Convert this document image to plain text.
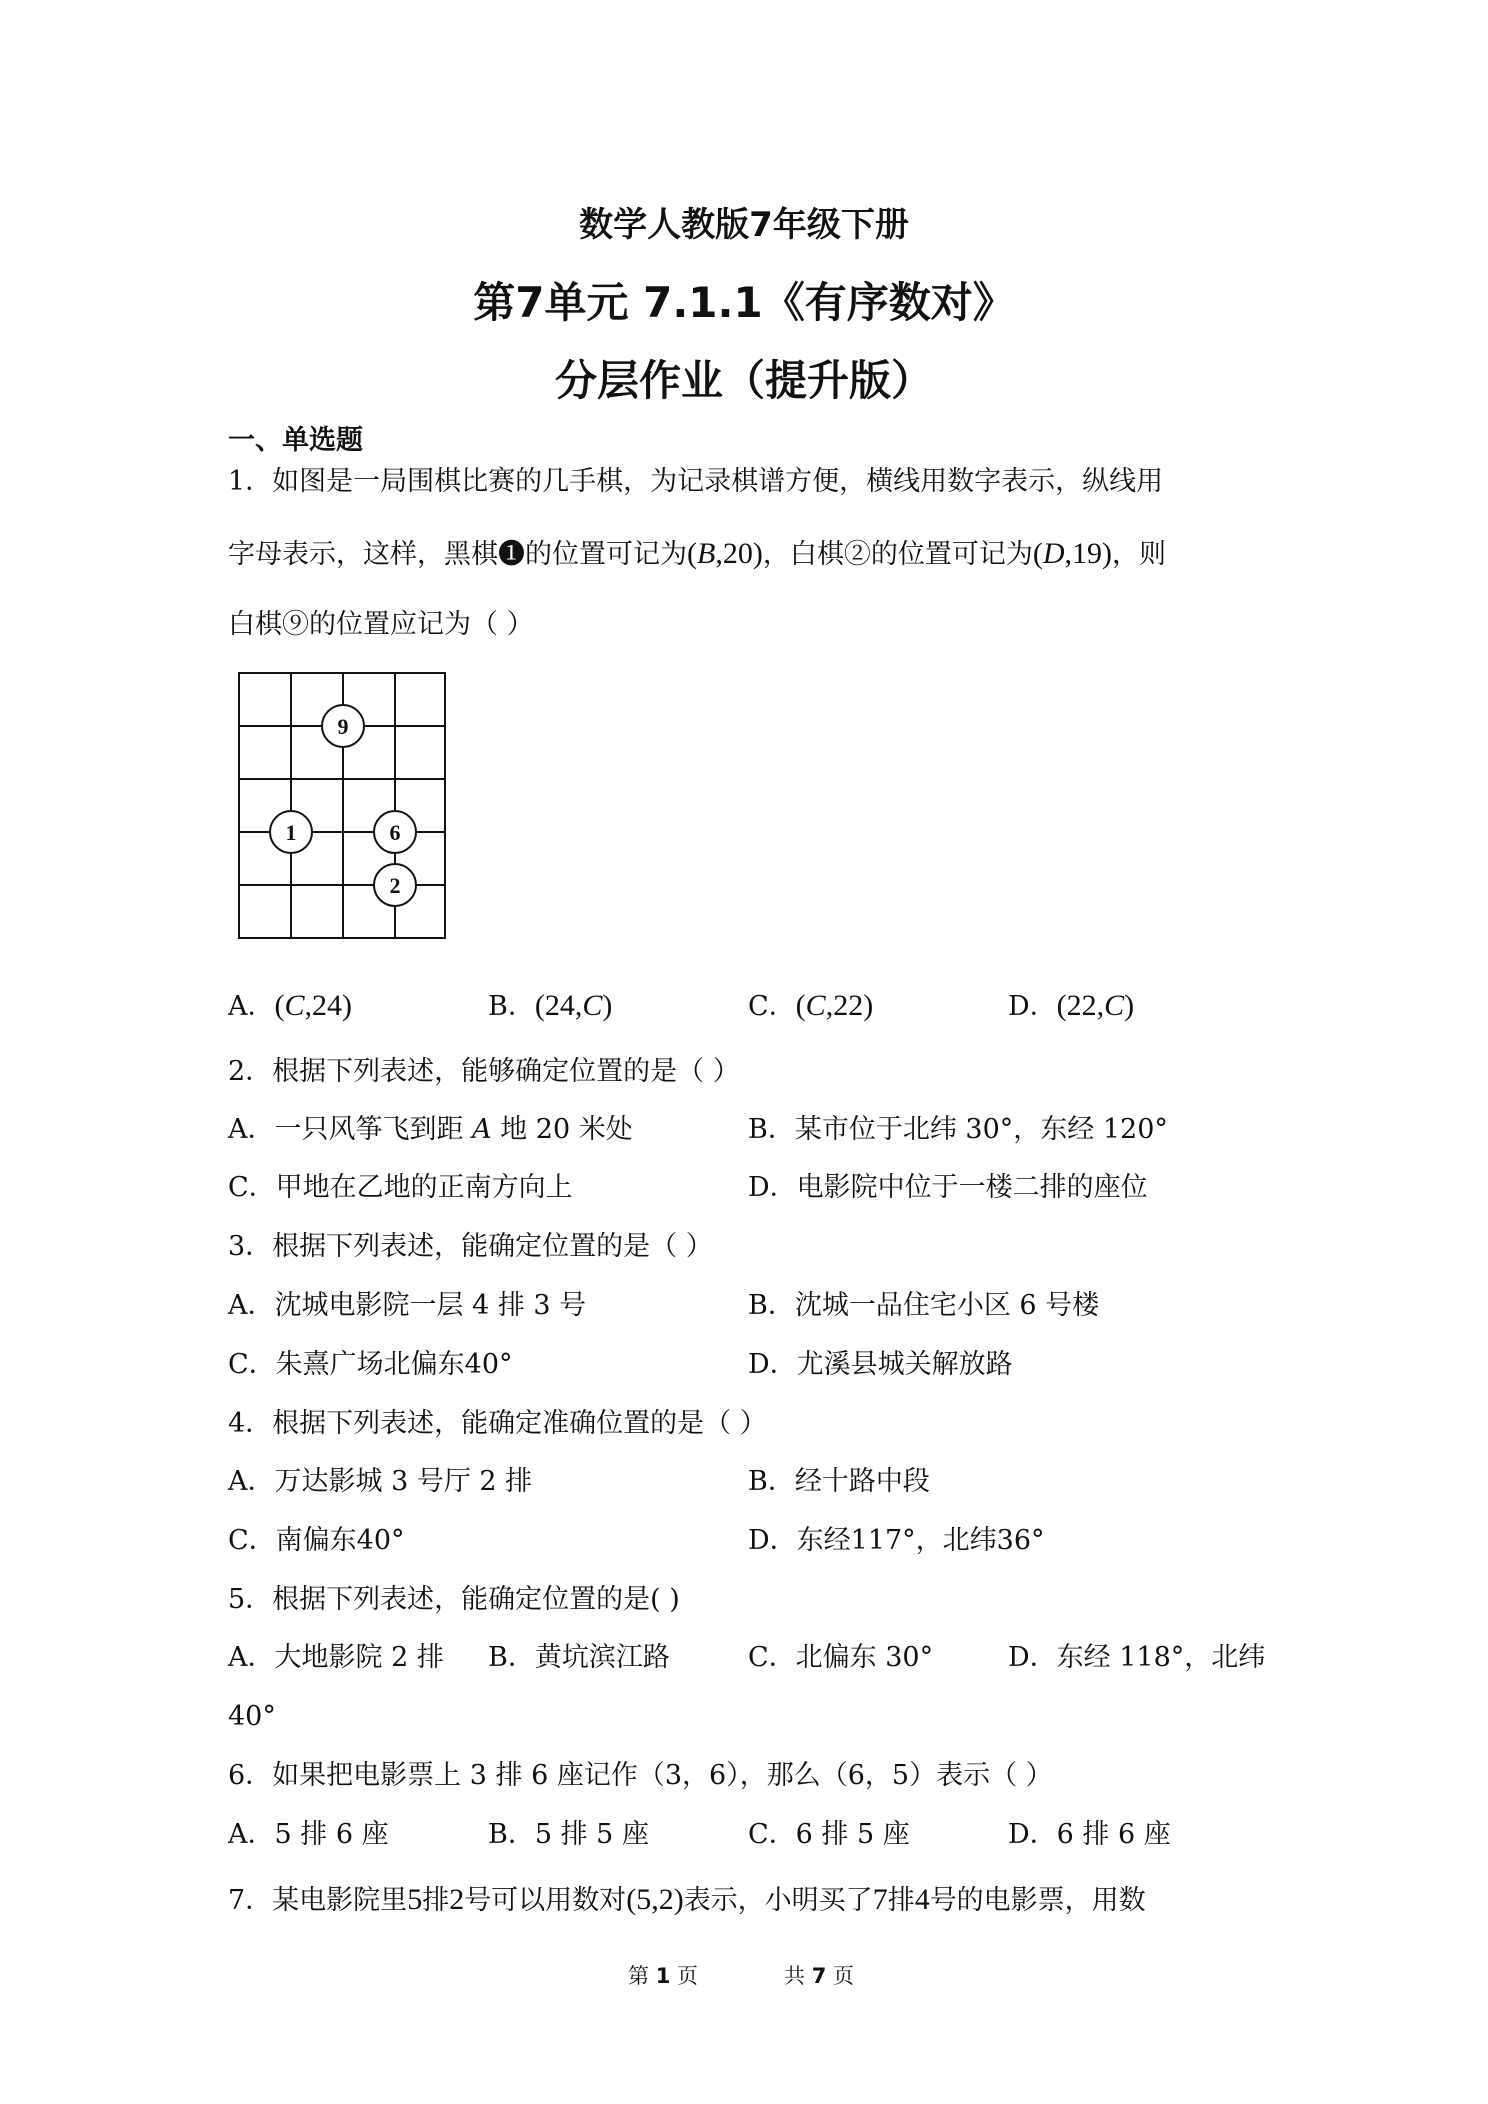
数学人教版7年级下册
第7单元 7.1.1《有序数对》
分层作业（提升版）
一、单选题
1．如图是一局围棋比赛的几手棋，为记录棋谱方便，横线用数字表示，纵线用
字母表示，这样，黑棋❶的位置可记为(B,20)，白棋②的位置可记为(D,19)，则
白棋⑨的位置应记为（ ）
9
1	6
2
A．(C,24)	B．(24,C)	C．(C,22)	D．(22,C)
2．根据下列表述，能够确定位置的是（ ）
A．一只风筝飞到距 A 地 20 米处	B．某市位于北纬 30°，东经 120°
C．甲地在乙地的正南方向上	D．电影院中位于一楼二排的座位
3．根据下列表述，能确定位置的是（ ）
A．沈城电影院一层 4 排 3 号	B．沈城一品住宅小区 6 号楼
C．朱熹广场北偏东40°	D．尤溪县城关解放路
4．根据下列表述，能确定准确位置的是（ ）
A．万达影城 3 号厅 2 排	B．经十路中段
C．南偏东40°	D．东经117°，北纬36°
5．根据下列表述，能确定位置的是( )
A．大地影院 2 排 B．黄坑滨江路	C．北偏东 30°	D．东经 118°，北纬
40°
6．如果把电影票上 3 排 6 座记作（3，6），那么（6，5）表示（ ）
A．5 排 6 座	B．5 排 5 座	C．6 排 5 座	D．6 排 6 座
7．某电影院里5排2号可以用数对(5,2)表示，小明买了7排4号的电影票，用数
第 1 页	共 7 页
